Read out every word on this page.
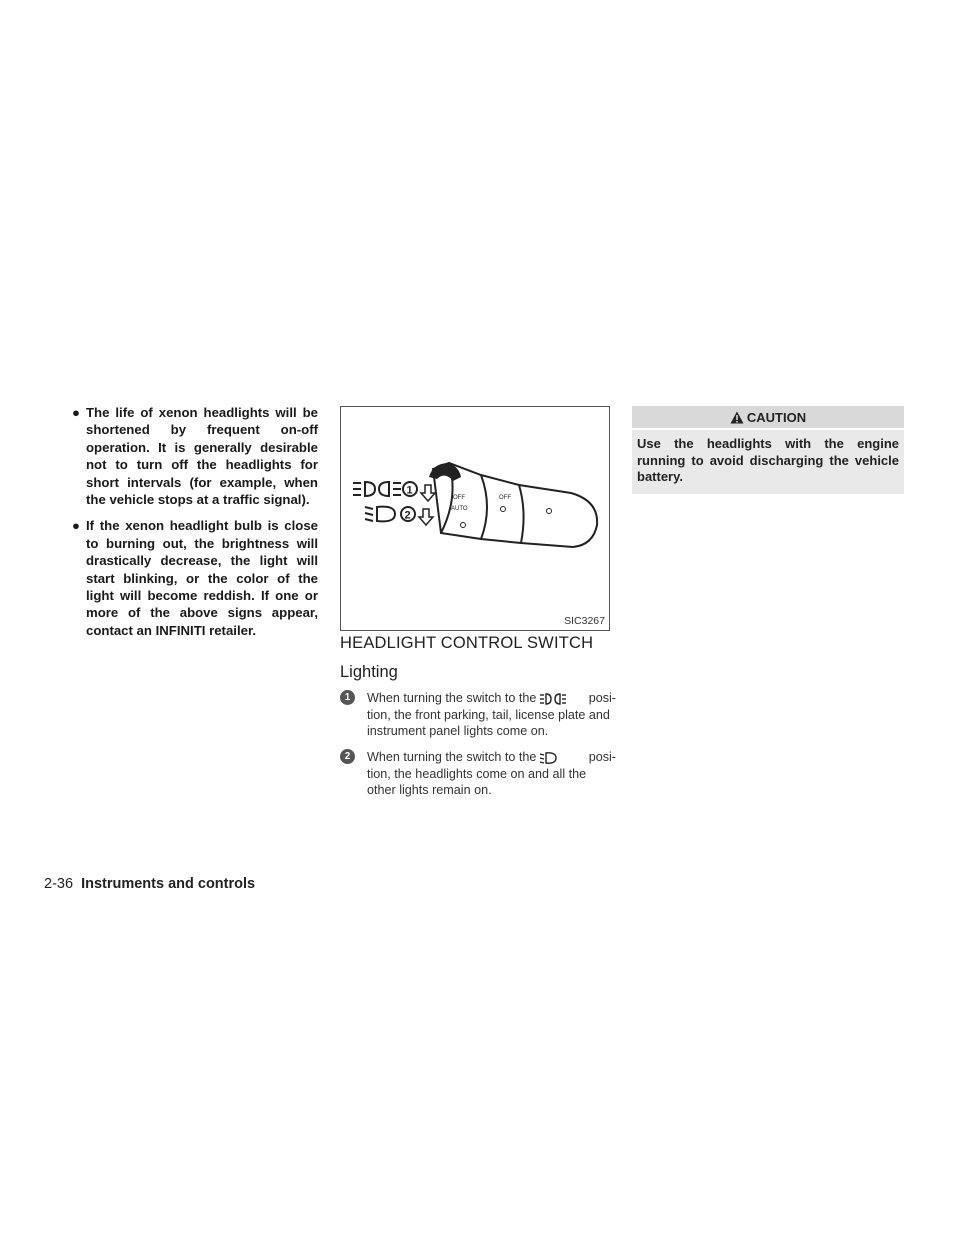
● The life of xenon headlights will be shortened by frequent on-off operation. It is generally desirable not to turn off the headlights for short intervals (for example, when the vehicle stops at a traffic signal).
● If the xenon headlight bulb is close to burning out, the brightness will drastically decrease, the light will start blinking, or the color of the light will become reddish. If one or more of the above signs appear, contact an INFINITI retailer.
OFF
AUTO
OFF
1
2
SIC3267
HEADLIGHT CONTROL SWITCH
Lighting
1	When turning the switch to the	posi-
tion, the front parking, tail, license plate and instrument panel lights come on.
2	When turning the switch to the	posi-
tion, the headlights come on and all the other lights remain on.
CAUTION
Use the headlights with the engine running to avoid discharging the vehicle battery.
2-36 Instruments and controls
